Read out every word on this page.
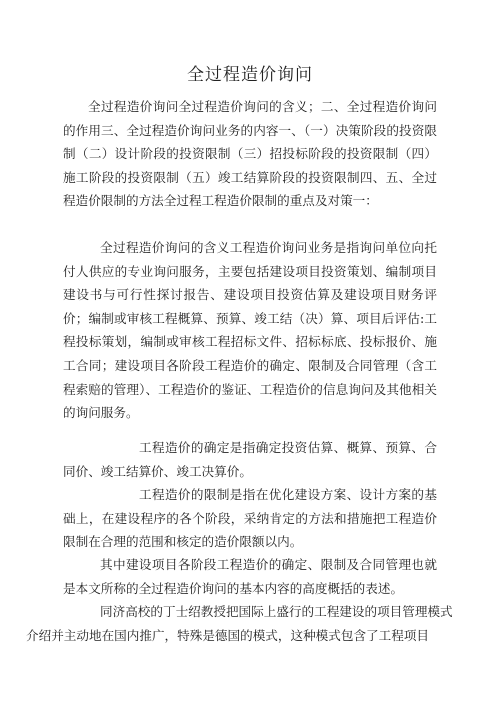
全过程造价询问

全过程造价询问全过程造价询问的含义；二、全过程造价询问的作用三、全过程造价询问业务的内容一、（一）决策阶段的投资限制（二）设计阶段的投资限制（三）招投标阶段的投资限制（四）施工阶段的投资限制（五）竣工结算阶段的投资限制四、五、全过程造价限制的方法全过程工程造价限制的重点及对策一：

全过程造价询问的含义工程造价询问业务是指询问单位向托付人供应的专业询问服务，主要包括建设项目投资策划、编制项目建设书与可行性探讨报告、建设项目投资估算及建设项目财务评价；编制或审核工程概算、预算、竣工结（决）算、项目后评估:工程投标策划，编制或审核工程招标文件、招标标底、投标报价、施工合同；建设项目各阶段工程造价的确定、限制及合同管理（含工程索赔的管理）、工程造价的鉴证、工程造价的信息询问及其他相关的询问服务。

工程造价的确定是指确定投资估算、概算、预算、合同价、竣工结算价、竣工决算价。

工程造价的限制是指在优化建设方案、设计方案的基础上，在建设程序的各个阶段，采纳肯定的方法和措施把工程造价限制在合理的范围和核定的造价限额以内。

其中建设项目各阶段工程造价的确定、限制及合同管理也就是本文所称的全过程造价询问的基本内容的高度概括的表述。

同济高校的丁士绍教授把国际上盛行的工程建设的项目管理模式
介绍并主动地在国内推广，特殊是德国的模式，这种模式包含了工程项目
